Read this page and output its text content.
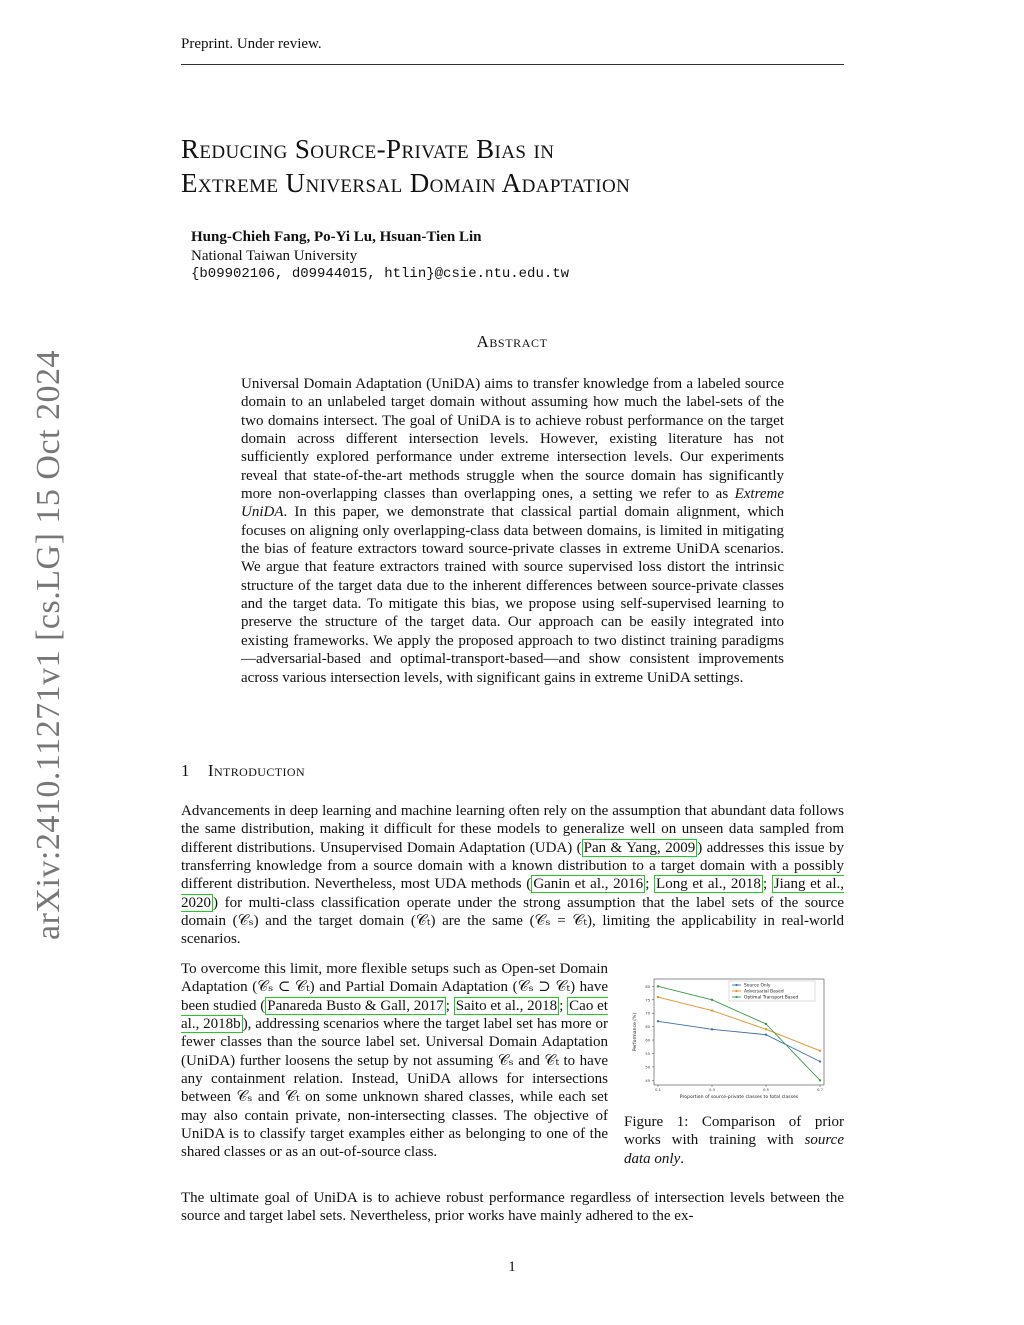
Preprint. Under review.
Reducing Source-Private Bias in
Extreme Universal Domain Adaptation
Hung-Chieh Fang, Po-Yi Lu, Hsuan-Tien Lin
National Taiwan University
{b09902106, d09944015, htlin}@csie.ntu.edu.tw
arXiv:2410.11271v1 [cs.LG] 15 Oct 2024
Abstract
Universal Domain Adaptation (UniDA) aims to transfer knowledge from a labeled source domain to an unlabeled target domain without assuming how much the label-sets of the two domains intersect. The goal of UniDA is to achieve robust performance on the target domain across different intersection levels. However, existing literature has not sufficiently explored performance under extreme intersection levels. Our experiments reveal that state-of-the-art methods struggle when the source domain has significantly more non-overlapping classes than overlapping ones, a setting we refer to as Extreme UniDA. In this paper, we demonstrate that classical partial domain alignment, which focuses on aligning only overlapping-class data between domains, is limited in mitigating the bias of feature extractors toward source-private classes in extreme UniDA scenarios. We argue that feature extractors trained with source supervised loss distort the intrinsic structure of the target data due to the inherent differences between source-private classes and the target data. To mitigate this bias, we propose using self-supervised learning to preserve the structure of the target data. Our approach can be easily integrated into existing frameworks. We apply the proposed approach to two distinct training paradigms—adversarial-based and optimal-transport-based—and show consistent improvements across various intersection levels, with significant gains in extreme UniDA settings.
1 Introduction
Advancements in deep learning and machine learning often rely on the assumption that abundant data follows the same distribution, making it difficult for these models to generalize well on unseen data sampled from different distributions. Unsupervised Domain Adaptation (UDA) ( Pan & Yang, 2009 ) addresses this issue by transferring knowledge from a source domain with a known distribution to a target domain with a possibly different distribution. Nevertheless, most UDA methods ( Ganin et al., 2016 ; Long et al., 2018 ; Jiang et al., 2020 ) for multi-class classification operate under the strong assumption that the label sets of the source domain (𝒞ₛ) and the target domain (𝒞ₜ) are the same (𝒞ₛ = 𝒞ₜ), limiting the applicability in real-world scenarios.
To overcome this limit, more flexible setups such as Open-set Domain Adaptation (𝒞ₛ ⊂ 𝒞ₜ) and Partial Domain Adaptation (𝒞ₛ ⊃ 𝒞ₜ) have been studied ( Panareda Busto & Gall, 2017 ; Saito et al., 2018 ; Cao et al., 2018b ), addressing scenarios where the target label set has more or fewer classes than the source label set. Universal Domain Adaptation (UniDA) further loosens the setup by not assuming 𝒞ₛ and 𝒞ₜ to have any containment relation. Instead, UniDA allows for intersections between 𝒞ₛ and 𝒞ₜ on some unknown shared classes, while each set may also contain private, non-intersecting classes. The objective of UniDA is to classify target examples either as belonging to one of the shared classes or as an out-of-source class.
45
50
55
60
65
70
75
80
0.1	0.3	0.5	0.7
Proportion of source-private classes to total classes
Performance (%)
Source Only
Adversarial Based
Optimal Transport Based
Figure 1: Comparison of prior works with training with source data only.
The ultimate goal of UniDA is to achieve robust performance regardless of intersection levels between the source and target label sets. Nevertheless, prior works have mainly adhered to the ex-
1
